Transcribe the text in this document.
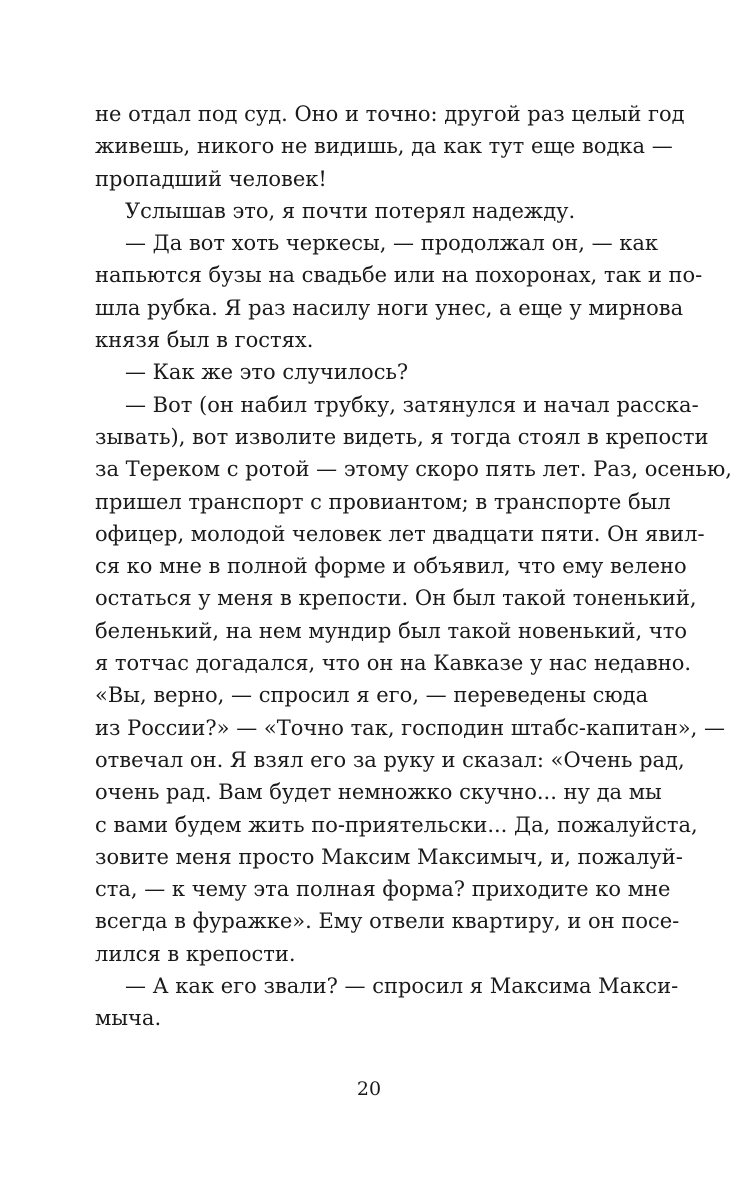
не отдал под суд. Оно и точно: другой раз целый год
живешь, никого не видишь, да как тут еще водка —
пропадший человек!
Услышав это, я почти потерял надежду.
— Да вот хоть черкесы, — продолжал он, — как
напьются бузы на свадьбе или на похоронах, так и по-
шла рубка. Я раз насилу ноги унес, а еще у мирнова
князя был в гостях.
— Как же это случилось?
— Вот (он набил трубку, затянулся и начал расска-
зывать), вот изволите видеть, я тогда стоял в крепости
за Тереком с ротой — этому скоро пять лет. Раз, осенью,
пришел транспорт с провиантом; в транспорте был
офицер, молодой человек лет двадцати пяти. Он явил-
ся ко мне в полной форме и объявил, что ему велено
остаться у меня в крепости. Он был такой тоненький,
беленький, на нем мундир был такой новенький, что
я тотчас догадался, что он на Кавказе у нас недавно.
«Вы, верно, — спросил я его, — переведены сюда
из России?» — «Точно так, господин штабс-капитан», —
отвечал он. Я взял его за руку и сказал: «Очень рад,
очень рад. Вам будет немножко скучно... ну да мы
с вами будем жить по-приятельски... Да, пожалуйста,
зовите меня просто Максим Максимыч, и, пожалуй-
ста, — к чему эта полная форма? приходите ко мне
всегда в фуражке». Ему отвели квартиру, и он посе-
лился в крепости.
— А как его звали? — спросил я Максима Макси-
мыча.
20
